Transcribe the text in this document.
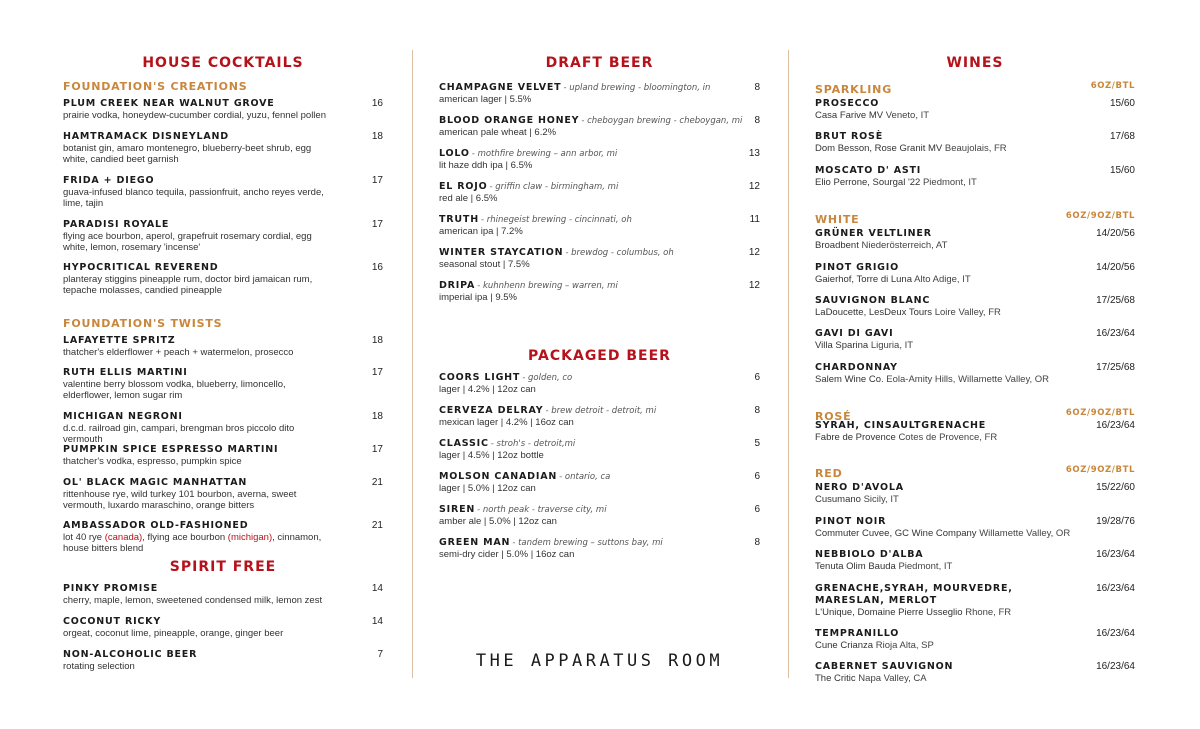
HOUSE COCKTAILS
FOUNDATION'S CREATIONS
PLUM CREEK NEAR WALNUT GROVE
prairie vodka, honeydew-cucumber cordial, yuzu, fennel pollen
16
HAMTRAMACK DISNEYLAND
botanist gin, amaro montenegro, blueberry-beet shrub, egg white, candied beet garnish
18
FRIDA + DIEGO
guava-infused blanco tequila, passionfruit, ancho reyes verde, lime, tajin
17
PARADISI ROYALE
flying ace bourbon, aperol, grapefruit rosemary cordial, egg white, lemon, rosemary 'incense'
17
HYPOCRITICAL REVEREND
planteray stiggins pineapple rum, doctor bird jamaican rum, tepache molasses, candied pineapple
16
FOUNDATION'S TWISTS
LAFAYETTE SPRITZ
thatcher's elderflower + peach + watermelon, prosecco
18
RUTH ELLIS MARTINI
valentine berry blossom vodka, blueberry, limoncello, elderflower, lemon sugar rim
17
MICHIGAN NEGRONI
d.c.d. railroad gin, campari, brengman bros piccolo dito vermouth
18
PUMPKIN SPICE ESPRESSO MARTINI
thatcher's vodka, espresso, pumpkin spice
17
OL' BLACK MAGIC MANHATTAN
rittenhouse rye, wild turkey 101 bourbon, averna, sweet vermouth, luxardo maraschino, orange bitters
21
AMBASSADOR OLD-FASHIONED
lot 40 rye (canada), flying ace bourbon (michigan), cinnamon, house bitters blend
21
SPIRIT FREE
PINKY PROMISE
cherry, maple, lemon, sweetened condensed milk, lemon zest
14
COCONUT RICKY
orgeat, coconut lime, pineapple, orange, ginger beer
14
NON-ALCOHOLIC BEER
rotating selection
7
DRAFT BEER
CHAMPAGNE VELVET - upland brewing - bloomington, in
american lager | 5.5%
8
BLOOD ORANGE HONEY - cheboygan brewing - cheboygan, mi
american pale wheat | 6.2%
8
LOLO - mothfire brewing – ann arbor, mi
lit haze ddh ipa | 6.5%
13
EL ROJO - griffin claw - birmingham, mi
red ale | 6.5%
12
TRUTH - rhinegeist brewing - cincinnati, oh
american ipa | 7.2%
11
WINTER STAYCATION - brewdog - columbus, oh
seasonal stout | 7.5%
12
DRIPA - kuhnhenn brewing – warren, mi
imperial ipa | 9.5%
12
PACKAGED BEER
COORS LIGHT - golden, co
lager | 4.2% | 12oz can
6
CERVEZA DELRAY - brew detroit - detroit, mi
mexican lager | 4.2% | 16oz can
8
CLASSIC - stroh's - detroit,mi
lager | 4.5% | 12oz bottle
5
MOLSON CANADIAN - ontario, ca
lager | 5.0% | 12oz can
6
SIREN - north peak - traverse city, mi
amber ale | 5.0% | 12oz can
6
GREEN MAN - tandem brewing – suttons bay, mi
semi-dry cider | 5.0% | 16oz can
8
THE APPARATUS ROOM
WINES
SPARKLING	6OZ/BTL
PROSECCO
Casa Farive MV Veneto, IT
15/60
BRUT ROSÈ
Dom Besson, Rose Granit MV Beaujolais, FR
17/68
MOSCATO D' ASTI
Elio Perrone, Sourgal '22 Piedmont, IT
15/60
WHITE	6OZ/9OZ/BTL
GRÜNER VELTLINER
Broadbent Niederösterreich, AT
14/20/56
PINOT GRIGIO
Gaierhof, Torre di Luna Alto Adige, IT
14/20/56
SAUVIGNON BLANC
LaDoucette, LesDeux Tours Loire Valley, FR
17/25/68
GAVI DI GAVI
Villa Sparina Liguria, IT
16/23/64
CHARDONNAY
Salem Wine Co. Eola-Amity Hills, Willamette Valley, OR
17/25/68
ROSÉ	6OZ/9OZ/BTL
SYRAH, CINSAULTGRENACHE
Fabre de Provence Cotes de Provence, FR
16/23/64
RED	6OZ/9OZ/BTL
NERO D'AVOLA
Cusumano Sicily, IT
15/22/60
PINOT NOIR
Commuter Cuvee, GC Wine Company Willamette Valley, OR
19/28/76
NEBBIOLO D'ALBA
Tenuta Olim Bauda Piedmont, IT
16/23/64
GRENACHE,SYRAH, MOURVEDRE, MARESLAN, MERLOT
L'Unique, Domaine Pierre Usseglio Rhone, FR
16/23/64
TEMPRANILLO
Cune Crianza Rioja Alta, SP
16/23/64
CABERNET SAUVIGNON
The Critic Napa Valley, CA
16/23/64
